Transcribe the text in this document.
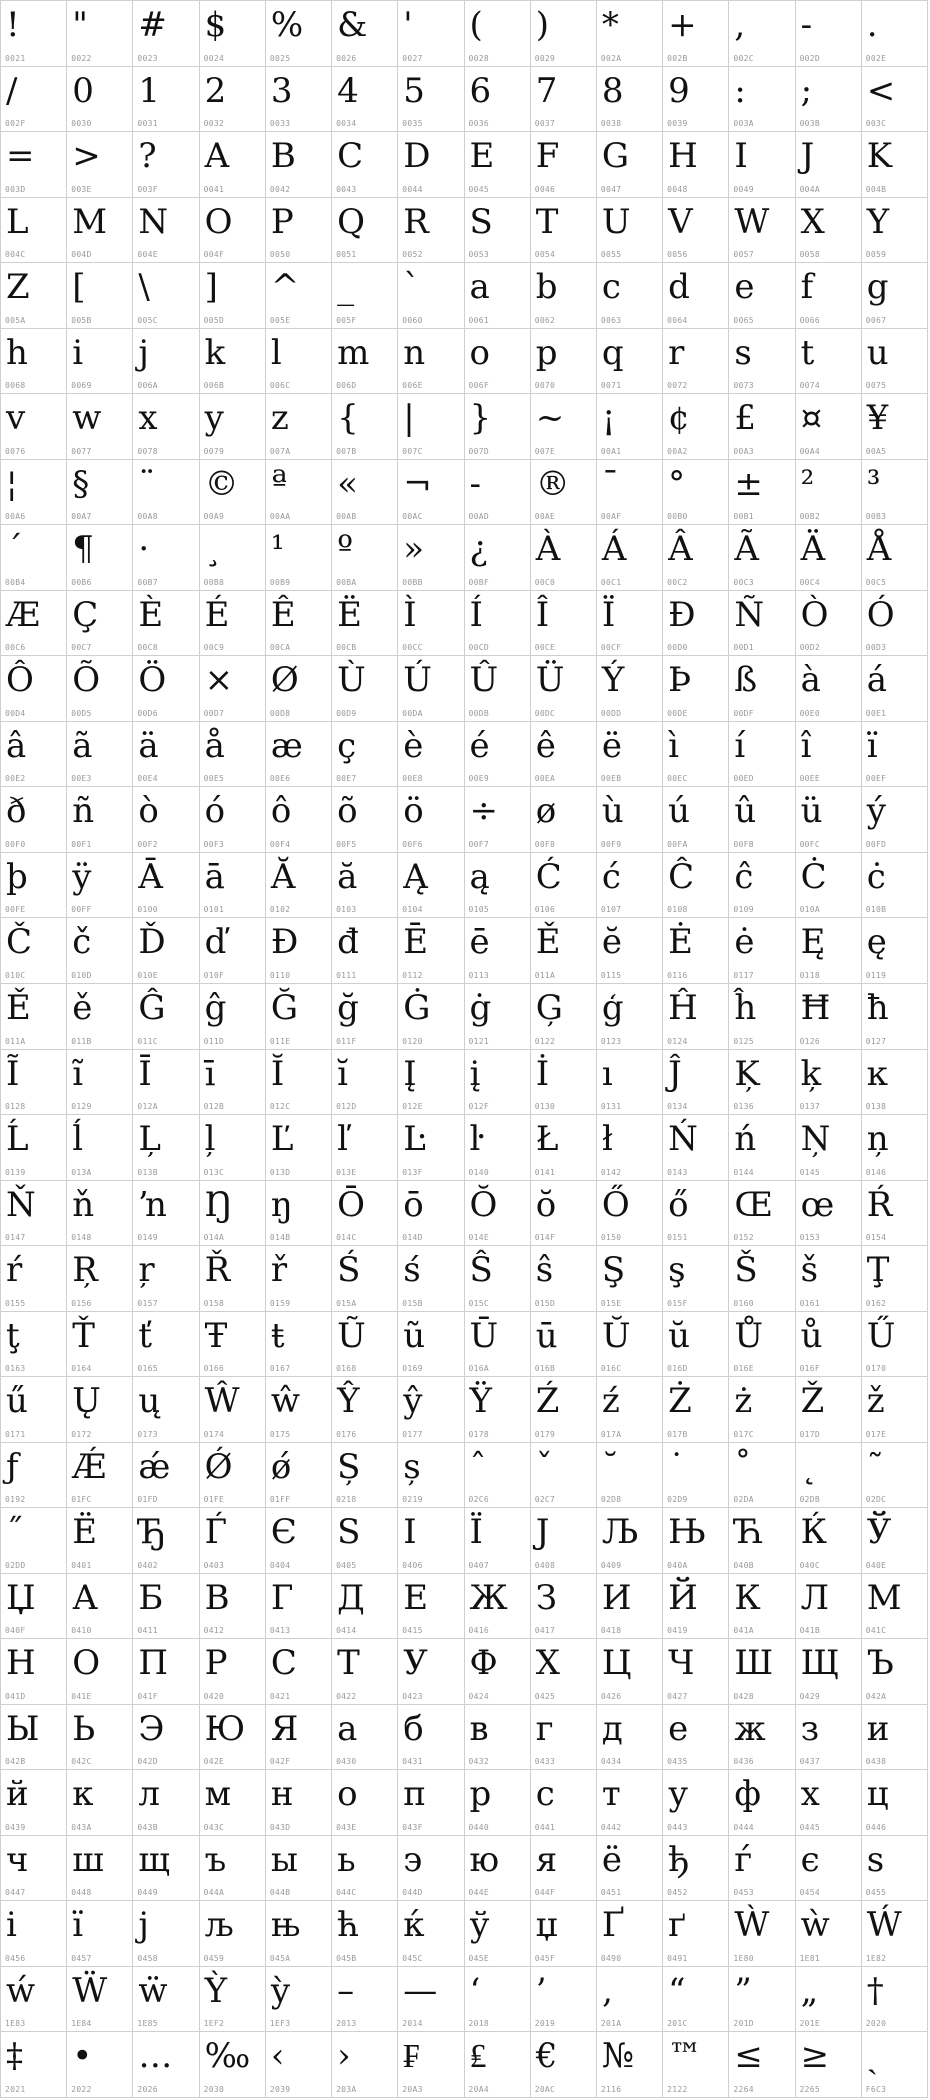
!
0021
"
0022
#
0023
$
0024
%
0025
&
0026
'
0027
(
0028
)
0029
*
002A
+
002B
,
002C
-
002D
.
002E
/
002F
0
0030
1
0031
2
0032
3
0033
4
0034
5
0035
6
0036
7
0037
8
0038
9
0039
:
003A
;
003B
<
003C
=
003D
>
003E
?
003F
A
0041
B
0042
C
0043
D
0044
E
0045
F
0046
G
0047
H
0048
I
0049
J
004A
K
004B
L
004C
M
004D
N
004E
O
004F
P
0050
Q
0051
R
0052
S
0053
T
0054
U
0055
V
0056
W
0057
X
0058
Y
0059
Z
005A
[
005B
\
005C
]
005D
^
005E
_
005F
`
0060
a
0061
b
0062
c
0063
d
0064
e
0065
f
0066
g
0067
h
0068
i
0069
j
006A
k
006B
l
006C
m
006D
n
006E
o
006F
p
0070
q
0071
r
0072
s
0073
t
0074
u
0075
v
0076
w
0077
x
0078
y
0079
z
007A
{
007B
|
007C
}
007D
~
007E
¡
00A1
¢
00A2
£
00A3
¤
00A4
¥
00A5
¦
00A6
§
00A7
¨
00A8
©
00A9
ª
00AA
«
00AB
¬
00AC
-
00AD
®
00AE
¯
00AF
°
00B0
±
00B1
²
00B2
³
00B3
´
00B4
¶
00B6
·
00B7
¸
00B8
¹
00B9
º
00BA
»
00BB
¿
00BF
À
00C0
Á
00C1
Â
00C2
Ã
00C3
Ä
00C4
Å
00C5
Æ
00C6
Ç
00C7
È
00C8
É
00C9
Ê
00CA
Ë
00CB
Ì
00CC
Í
00CD
Î
00CE
Ï
00CF
Ð
00D0
Ñ
00D1
Ò
00D2
Ó
00D3
Ô
00D4
Õ
00D5
Ö
00D6
×
00D7
Ø
00D8
Ù
00D9
Ú
00DA
Û
00DB
Ü
00DC
Ý
00DD
Þ
00DE
ß
00DF
à
00E0
á
00E1
â
00E2
ã
00E3
ä
00E4
å
00E5
æ
00E6
ç
00E7
è
00E8
é
00E9
ê
00EA
ë
00EB
ì
00EC
í
00ED
î
00EE
ï
00EF
ð
00F0
ñ
00F1
ò
00F2
ó
00F3
ô
00F4
õ
00F5
ö
00F6
÷
00F7
ø
00F8
ù
00F9
ú
00FA
û
00FB
ü
00FC
ý
00FD
þ
00FE
ÿ
00FF
Ā
0100
ā
0101
Ă
0102
ă
0103
Ą
0104
ą
0105
Ć
0106
ć
0107
Ĉ
0108
ĉ
0109
Ċ
010A
ċ
010B
Č
010C
č
010D
Ď
010E
ď
010F
Đ
0110
đ
0111
Ē
0112
ē
0113
Ě
011A
ĕ
0115
Ė
0116
ė
0117
Ę
0118
ę
0119
Ě
011A
ě
011B
Ĝ
011C
ĝ
011D
Ğ
011E
ğ
011F
Ġ
0120
ġ
0121
Ģ
0122
ģ
0123
Ĥ
0124
ĥ
0125
Ħ
0126
ħ
0127
Ĩ
0128
ĩ
0129
Ī
012A
ī
012B
Ĭ
012C
ĭ
012D
Į
012E
į
012F
İ
0130
ı
0131
Ĵ
0134
Ķ
0136
ķ
0137
ĸ
0138
Ĺ
0139
ĺ
013A
Ļ
013B
ļ
013C
Ľ
013D
ľ
013E
Ŀ
013F
ŀ
0140
Ł
0141
ł
0142
Ń
0143
ń
0144
Ņ
0145
ņ
0146
Ň
0147
ň
0148
ŉ
0149
Ŋ
014A
ŋ
014B
Ō
014C
ō
014D
Ŏ
014E
ŏ
014F
Ő
0150
ő
0151
Œ
0152
œ
0153
Ŕ
0154
ŕ
0155
Ŗ
0156
ŗ
0157
Ř
0158
ř
0159
Ś
015A
ś
015B
Ŝ
015C
ŝ
015D
Ş
015E
ş
015F
Š
0160
š
0161
Ţ
0162
ţ
0163
Ť
0164
ť
0165
Ŧ
0166
ŧ
0167
Ũ
0168
ũ
0169
Ū
016A
ū
016B
Ŭ
016C
ŭ
016D
Ů
016E
ů
016F
Ű
0170
ű
0171
Ų
0172
ų
0173
Ŵ
0174
ŵ
0175
Ŷ
0176
ŷ
0177
Ÿ
0178
Ź
0179
ź
017A
Ż
017B
ż
017C
Ž
017D
ž
017E
ƒ
0192
Ǽ
01FC
ǽ
01FD
Ǿ
01FE
ǿ
01FF
Ș
0218
ș
0219
ˆ
02C6
ˇ
02C7
˘
02D8
˙
02D9
˚
02DA
˛
02DB
˜
02DC
˝
02DD
Ё
0401
Ђ
0402
Ѓ
0403
Є
0404
Ѕ
0405
І
0406
Ї
0407
Ј
0408
Љ
0409
Њ
040A
Ћ
040B
Ќ
040C
Ў
040E
Џ
040F
А
0410
Б
0411
В
0412
Г
0413
Д
0414
Е
0415
Ж
0416
З
0417
И
0418
Й
0419
К
041A
Л
041B
М
041C
Н
041D
О
041E
П
041F
Р
0420
С
0421
Т
0422
У
0423
Ф
0424
Х
0425
Ц
0426
Ч
0427
Ш
0428
Щ
0429
Ъ
042A
Ы
042B
Ь
042C
Э
042D
Ю
042E
Я
042F
а
0430
б
0431
в
0432
г
0433
д
0434
е
0435
ж
0436
з
0437
и
0438
й
0439
к
043A
л
043B
м
043C
н
043D
о
043E
п
043F
р
0440
с
0441
т
0442
у
0443
ф
0444
х
0445
ц
0446
ч
0447
ш
0448
щ
0449
ъ
044A
ы
044B
ь
044C
э
044D
ю
044E
я
044F
ё
0451
ђ
0452
ѓ
0453
є
0454
ѕ
0455
і
0456
ї
0457
ј
0458
љ
0459
њ
045A
ћ
045B
ќ
045C
ў
045E
џ
045F
Ґ
0490
ґ
0491
Ẁ
1E80
ẁ
1E81
Ẃ
1E82
ẃ
1E83
Ẅ
1E84
ẅ
1E85
Ỳ
1EF2
ỳ
1EF3
–
2013
—
2014
‘
2018
’
2019
‚
201A
“
201C
”
201D
„
201E
†
2020
‡
2021
•
2022
…
2026
‰
2030
‹
2039
›
203A
₣
20A3
₤
20A4
€
20AC
№
2116
™
2122
≤
2264
≥
2265
ˏ
F6C3
